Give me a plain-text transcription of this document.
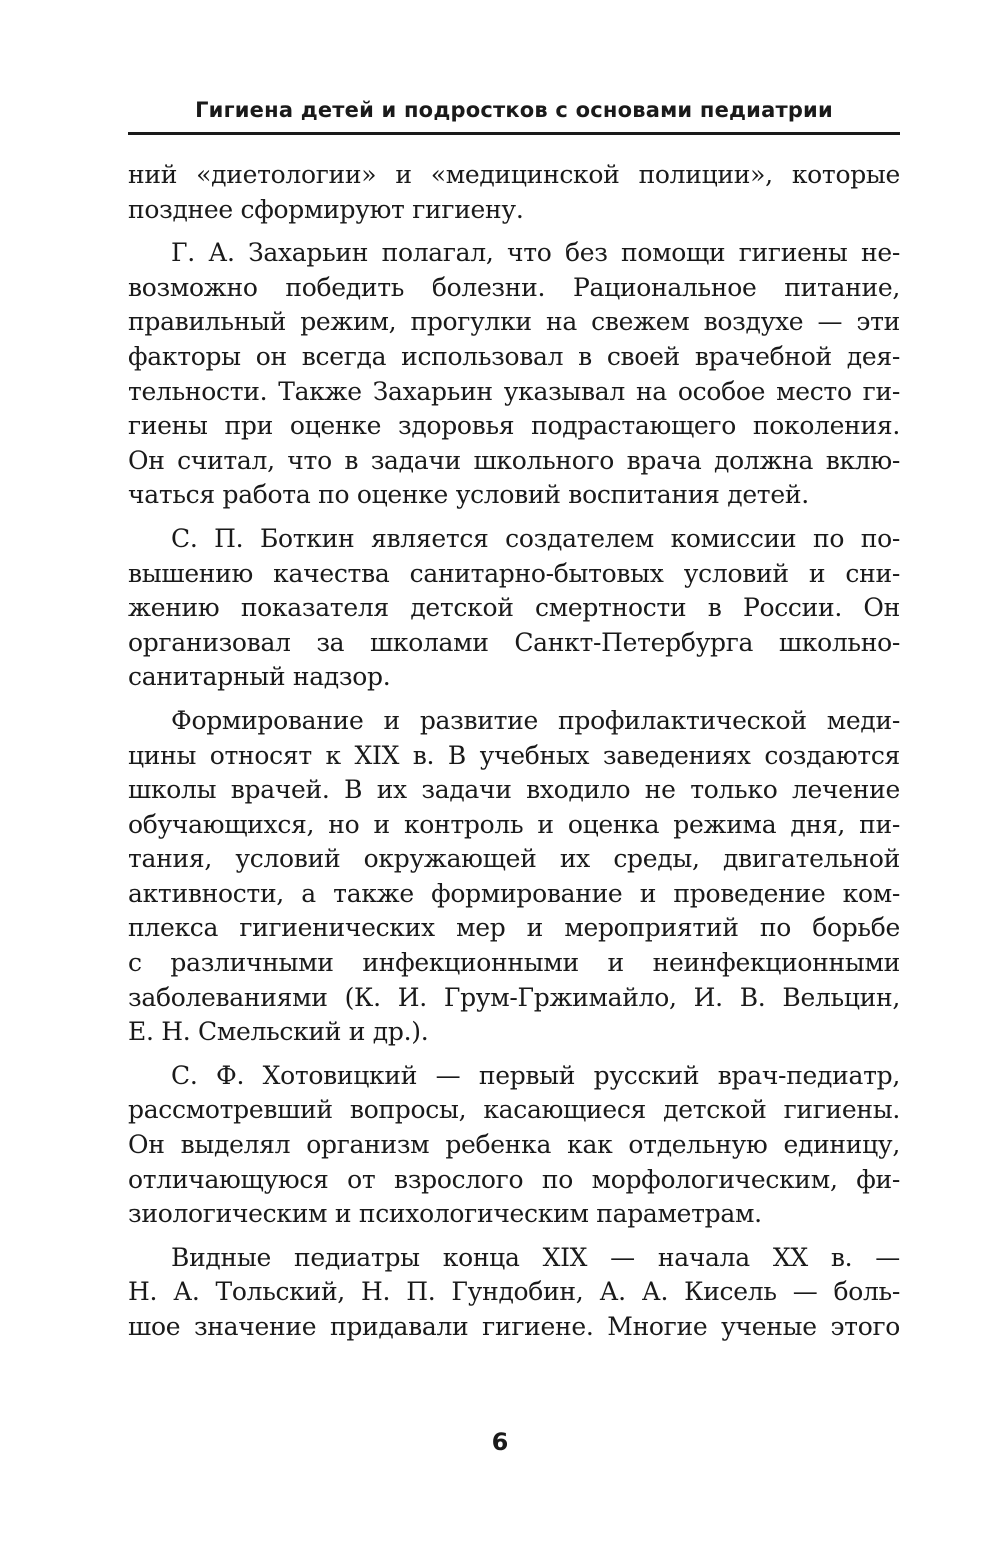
Гигиена детей и подростков с основами педиатрии
ний «диетологии» и «медицинской полиции», которые
позднее сформируют гигиену.
Г. А. Захарьин полагал, что без помощи гигиены не-
возможно победить болезни. Рациональное питание,
правильный режим, прогулки на свежем воздухе — эти
факторы он всегда использовал в своей врачебной дея-
тельности. Также Захарьин указывал на особое место ги-
гиены при оценке здоровья подрастающего поколения.
Он считал, что в задачи школьного врача должна вклю-
чаться работа по оценке условий воспитания детей.
С. П. Боткин является создателем комиссии по по-
вышению качества санитарно-бытовых условий и сни-
жению показателя детской смертности в России. Он
организовал за школами Санкт-Петербурга школьно-
санитарный надзор.
Формирование и развитие профилактической меди-
цины относят к XIX в. В учебных заведениях создаются
школы врачей. В их задачи входило не только лечение
обучающихся, но и контроль и оценка режима дня, пи-
тания, условий окружающей их среды, двигательной
активности, а также формирование и проведение ком-
плекса гигиенических мер и мероприятий по борьбе
с различными инфекционными и неинфекционными
заболеваниями (К. И. Грум-Гржимайло, И. В. Вельцин,
Е. Н. Смельский и др.).
С. Ф. Хотовицкий — первый русский врач-педиатр,
рассмотревший вопросы, касающиеся детской гигиены.
Он выделял организм ребенка как отдельную единицу,
отличающуюся от взрослого по морфологическим, фи-
зиологическим и психологическим параметрам.
Видные педиатры конца XIX — начала XX в. —
Н. А. Тольский, Н. П. Гундобин, А. А. Кисель — боль-
шое значение придавали гигиене. Многие ученые этого
6
